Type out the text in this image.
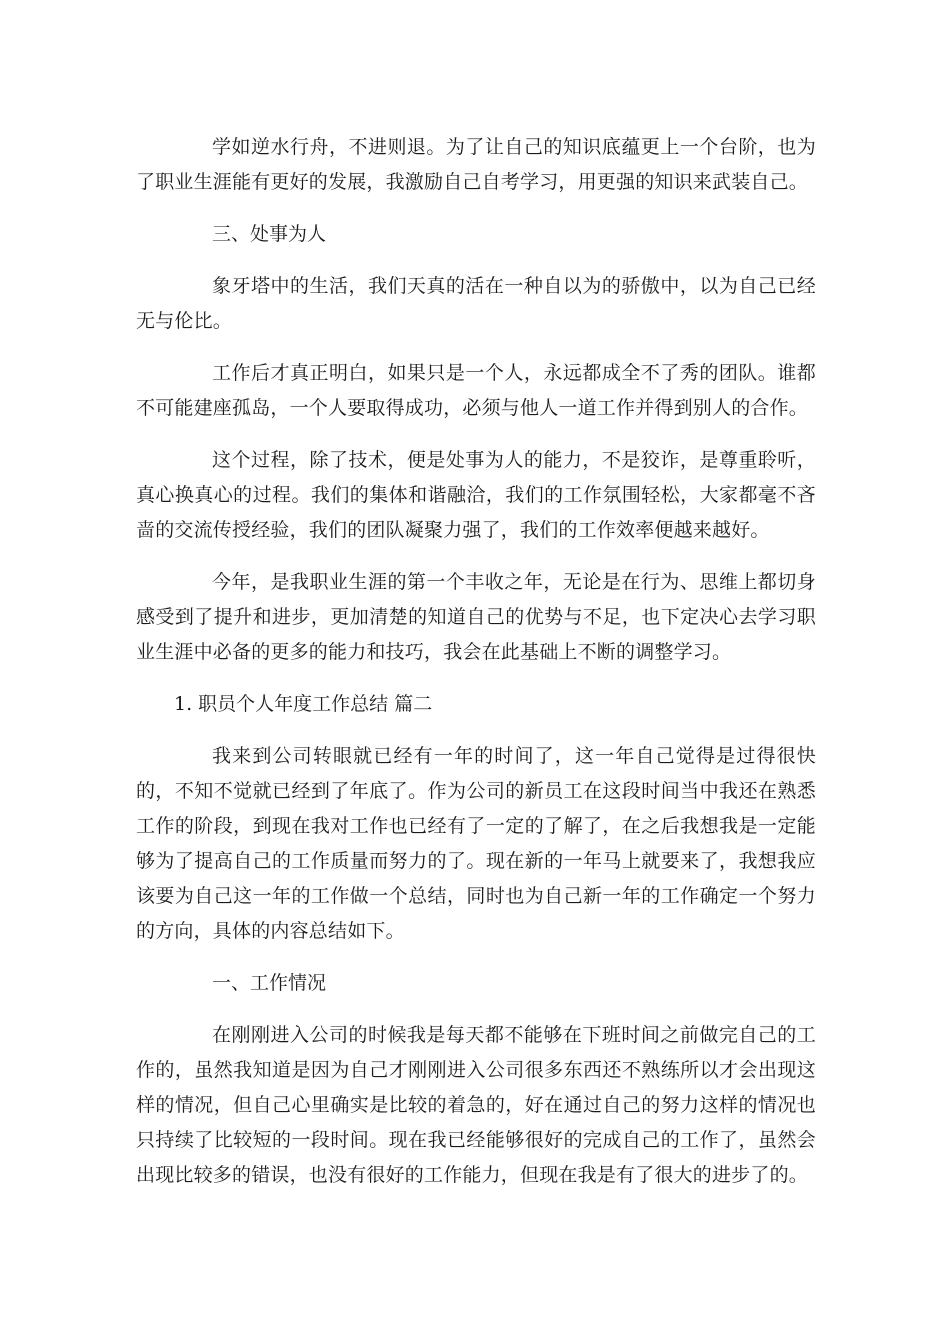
学如逆水行舟，不进则退。为了让自己的知识底蕴更上一个台阶，也为了职业生涯能有更好的发展，我激励自己自考学习，用更强的知识来武装自己。

三、处事为人

象牙塔中的生活，我们天真的活在一种自以为的骄傲中，以为自己已经无与伦比。

工作后才真正明白，如果只是一个人，永远都成全不了秀的团队。谁都不可能建座孤岛，一个人要取得成功，必须与他人一道工作并得到别人的合作。

这个过程，除了技术，便是处事为人的能力，不是狡诈，是尊重聆听，真心换真心的过程。我们的集体和谐融洽，我们的工作氛围轻松，大家都毫不吝啬的交流传授经验，我们的团队凝聚力强了，我们的工作效率便越来越好。

今年，是我职业生涯的第一个丰收之年，无论是在行为、思维上都切身感受到了提升和进步，更加清楚的知道自己的优势与不足，也下定决心去学习职业生涯中必备的更多的能力和技巧，我会在此基础上不断的调整学习。

1. 职员个人年度工作总结 篇二

我来到公司转眼就已经有一年的时间了，这一年自己觉得是过得很快的，不知不觉就已经到了年底了。作为公司的新员工在这段时间当中我还在熟悉工作的阶段，到现在我对工作也已经有了一定的了解了，在之后我想我是一定能够为了提高自己的工作质量而努力的了。现在新的一年马上就要来了，我想我应该要为自己这一年的工作做一个总结，同时也为自己新一年的工作确定一个努力的方向，具体的内容总结如下。

一、工作情况

在刚刚进入公司的时候我是每天都不能够在下班时间之前做完自己的工作的，虽然我知道是因为自己才刚刚进入公司很多东西还不熟练所以才会出现这样的情况，但自己心里确实是比较的着急的，好在通过自己的努力这样的情况也只持续了比较短的一段时间。现在我已经能够很好的完成自己的工作了，虽然会出现比较多的错误，也没有很好的工作能力，但现在我是有了很大的进步了的。
